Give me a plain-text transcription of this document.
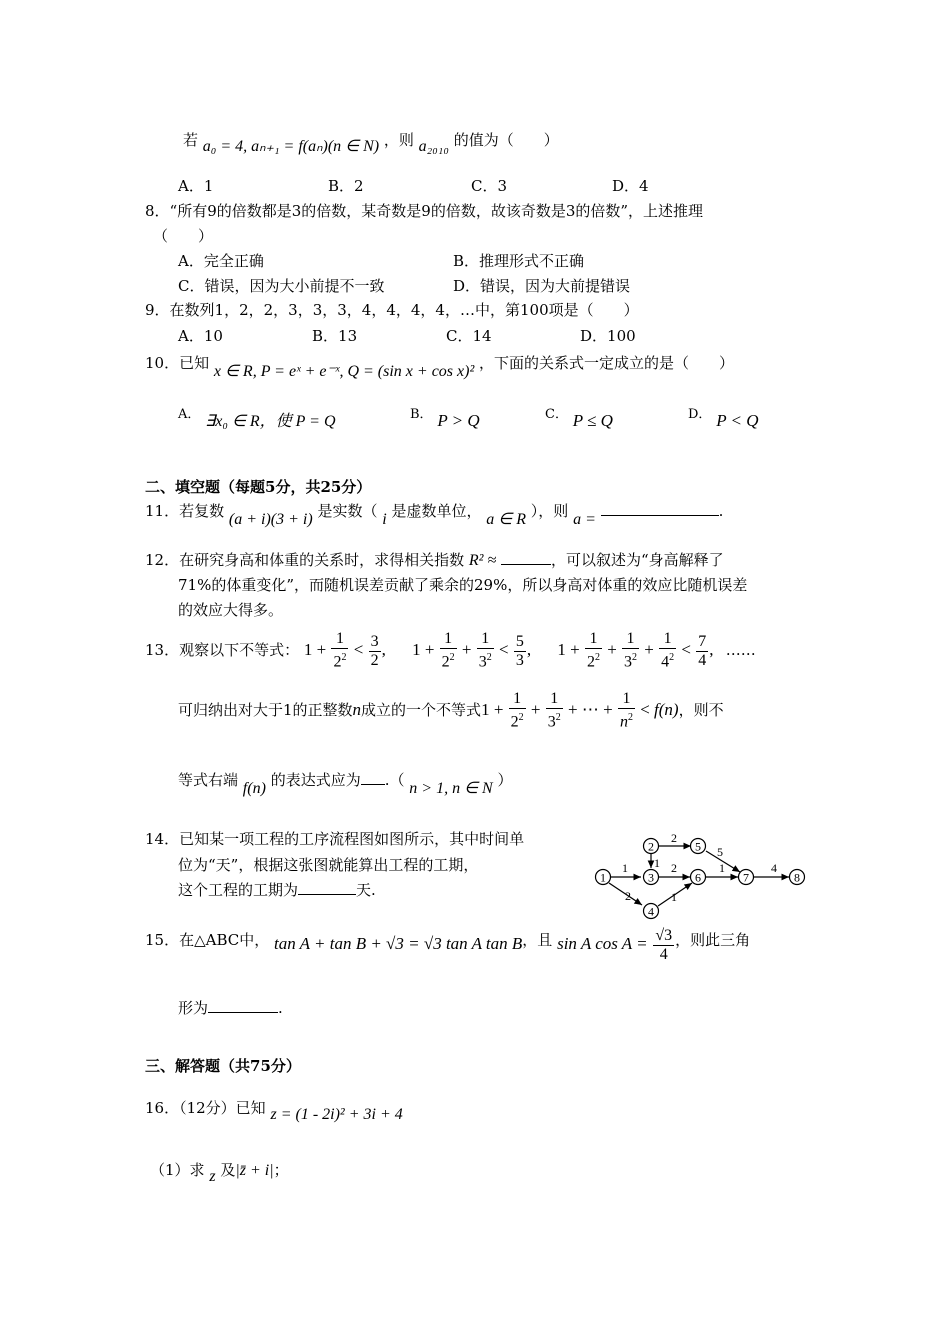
若 a₀ = 4, aₙ₊₁ = f(aₙ)(n ∈ N) ，则 a₂₀₁₀ 的值为（　　）
A．1	B．2	C．3	D．4
8．“所有9的倍数都是3的倍数，某奇数是9的倍数，故该奇数是3的倍数”，上述推理
（　　）
A．完全正确	B．推理形式不正确
C．错误，因为大小前提不一致	D．错误，因为大前提错误
9．在数列1，2，2，3，3，3，4，4，4，4，…中，第100项是（　　）
A．10	B．13	C．14	D．100
10．已知 x ∈ R, P = eˣ + e⁻ˣ, Q = (sin x + cos x)² ，下面的关系式一定成立的是（　　）
A． ∃x₀ ∈ R，使 P = Q	B． P > Q	C． P ≤ Q	D． P < Q
二、填空题（每题5分，共25分）
11．若复数 (a + i)(3 + i) 是实数（ i 是虚数单位， a ∈ R ），则 a =	.
12．在研究身高和体重的关系时，求得相关指数 R² ≈	，可以叙述为“身高解释了
71%的体重变化”，而随机误差贡献了乘余的29%，所以身高对体重的效应比随机误差
的效应大得多。
13．观察以下不等式： $1 + \frac{1}{2^2} < \frac{3}{2}$ , $1 + \frac{1}{2^2} + \frac{1}{3^2} < \frac{5}{3}$ , $1 + \frac{1}{2^2} + \frac{1}{3^2} + \frac{1}{4^2} < \frac{7}{4}$ , ……
可归纳出对大于1的正整数n成立的一个不等式$1 + \frac{1}{2^2} + \frac{1}{3^2}$ + ⋯ + $\frac{1}{n^2} < f(n)$，则不
等式右端 f(n) 的表达式应为 .（ n > 1, n ∈ N ）
14．已知某一项工程的工序流程图如图所示，其中时间单
位为“天”，根据这张图就能算出工程的工期，
这个工程的工期为	天.
1
2
3
4
5
6	7	8
1
2
1
2
2
1
5
1	4
15．在△ABC中， tan A + tan B + √3 = √3 tan A tan B，且 sin A $\cos A = \frac{√3}{4}$ ，则此三角
形为	.
三、解答题（共75分）
16．（12分）已知 z = (1 - 2i)² + 3i + 4
（1）求 z 及|z̄ + i|；
